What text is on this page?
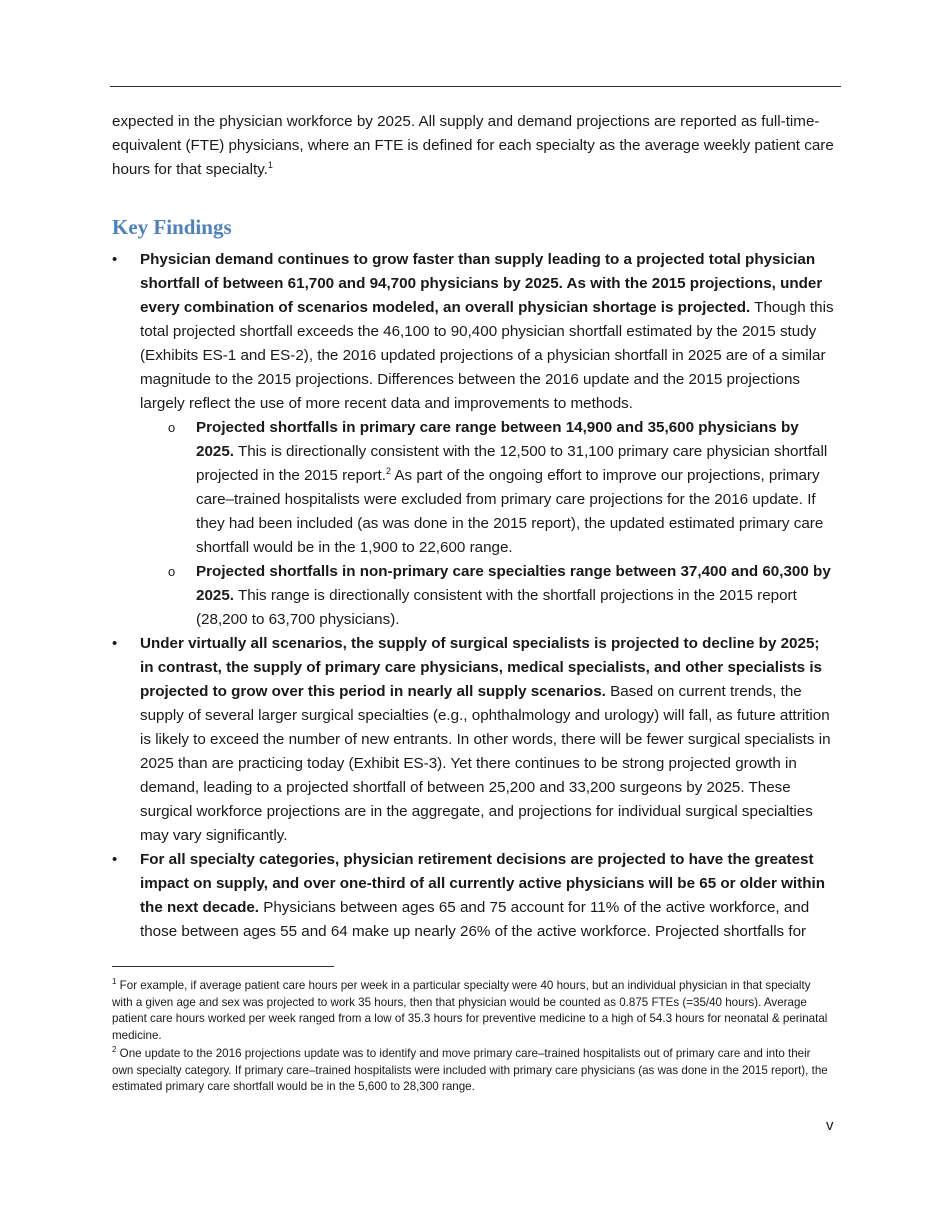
expected in the physician workforce by 2025. All supply and demand projections are reported as full-time-equivalent (FTE) physicians, where an FTE is defined for each specialty as the average weekly patient care hours for that specialty.$^1$

Key Findings
•	Physician demand continues to grow faster than supply leading to a projected total physician shortfall of between 61,700 and 94,700 physicians by 2025. As with the 2015 projections, under every combination of scenarios modeled, an overall physician shortage is projected. Though this total projected shortfall exceeds the 46,100 to 90,400 physician shortfall estimated by the 2015 study (Exhibits ES-1 and ES-2), the 2016 updated projections of a physician shortfall in 2025 are of a similar magnitude to the 2015 projections. Differences between the 2016 update and the 2015 projections largely reflect the use of more recent data and improvements to methods.
o	Projected shortfalls in primary care range between 14,900 and 35,600 physicians by 2025. This is directionally consistent with the 12,500 to 31,100 primary care physician shortfall projected in the 2015 report.$^2$ As part of the ongoing effort to improve our projections, primary care–trained hospitalists were excluded from primary care projections for the 2016 update. If they had been included (as was done in the 2015 report), the updated estimated primary care shortfall would be in the 1,900 to 22,600 range.
o	Projected shortfalls in non-primary care specialties range between 37,400 and 60,300 by 2025. This range is directionally consistent with the shortfall projections in the 2015 report (28,200 to 63,700 physicians).
•	Under virtually all scenarios, the supply of surgical specialists is projected to decline by 2025; in contrast, the supply of primary care physicians, medical specialists, and other specialists is projected to grow over this period in nearly all supply scenarios. Based on current trends, the supply of several larger surgical specialties (e.g., ophthalmology and urology) will fall, as future attrition is likely to exceed the number of new entrants. In other words, there will be fewer surgical specialists in 2025 than are practicing today (Exhibit ES-3). Yet there continues to be strong projected growth in demand, leading to a projected shortfall of between 25,200 and 33,200 surgeons by 2025. These surgical workforce projections are in the aggregate, and projections for individual surgical specialties may vary significantly.
•	For all specialty categories, physician retirement decisions are projected to have the greatest impact on supply, and over one-third of all currently active physicians will be 65 or older within the next decade. Physicians between ages 65 and 75 account for 11% of the active workforce, and those between ages 55 and 64 make up nearly 26% of the active workforce. Projected shortfalls for

$^1$ For example, if average patient care hours per week in a particular specialty were 40 hours, but an individual physician in that specialty with a given age and sex was projected to work 35 hours, then that physician would be counted as 0.875 FTEs (=35/40 hours). Average patient care hours worked per week ranged from a low of 35.3 hours for preventive medicine to a high of 54.3 hours for neonatal & perinatal medicine.

$^2$ One update to the 2016 projections update was to identify and move primary care–trained hospitalists out of primary care and into their own specialty category. If primary care–trained hospitalists were included with primary care physicians (as was done in the 2015 report), the estimated primary care shortfall would be in the 5,600 to 28,300 range.

v
